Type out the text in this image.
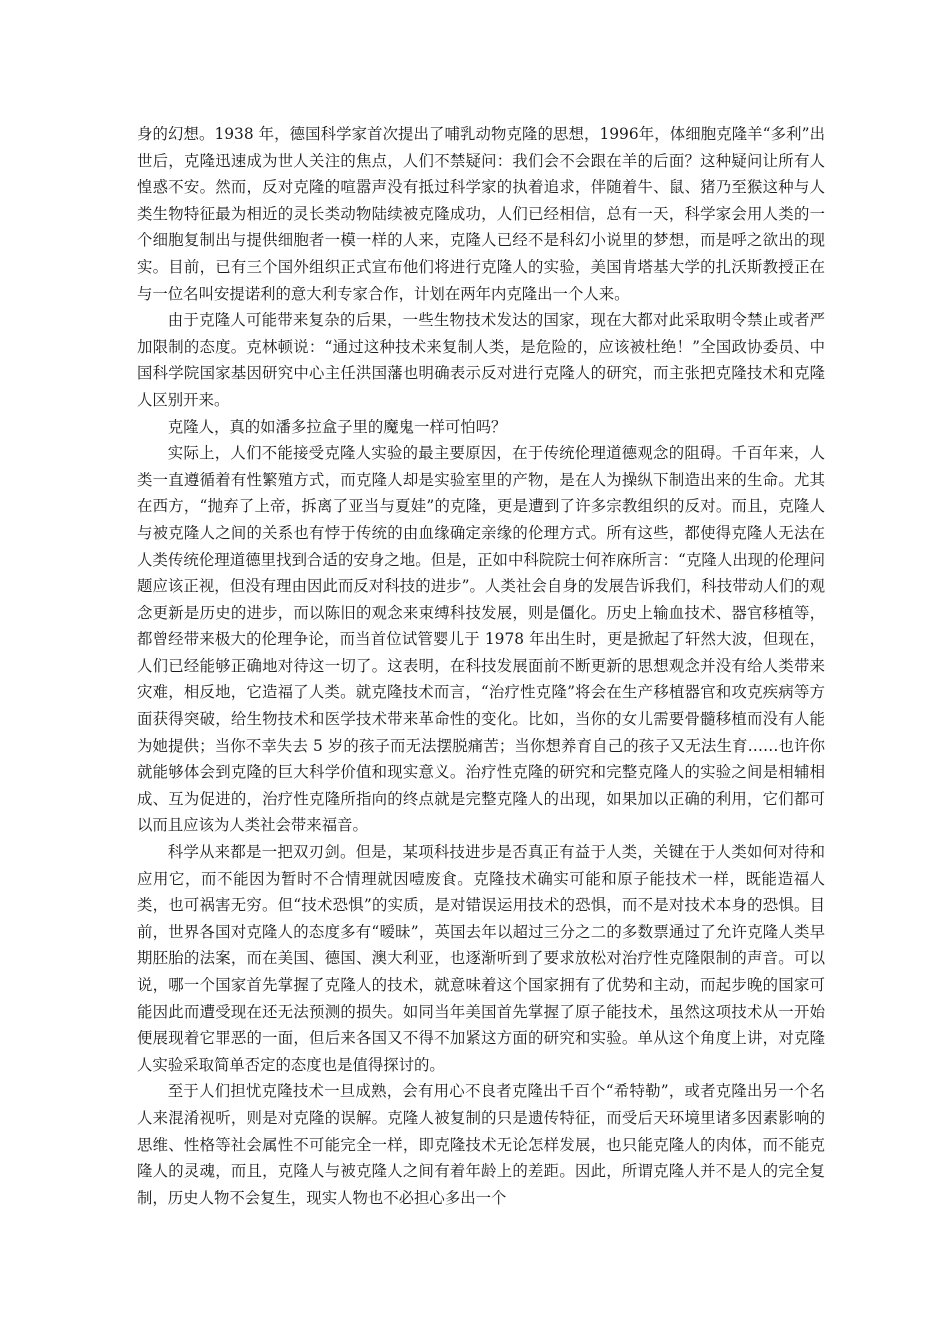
身的幻想。1938 年，德国科学家首次提出了哺乳动物克隆的思想，1996年，体细胞克隆羊“多利”出世后，克隆迅速成为世人关注的焦点，人们不禁疑问：我们会不会跟在羊的后面？这种疑问让所有人惶惑不安。然而，反对克隆的喧嚣声没有抵过科学家的执着追求，伴随着牛、鼠、猪乃至猴这种与人类生物特征最为相近的灵长类动物陆续被克隆成功，人们已经相信，总有一天，科学家会用人类的一个细胞复制出与提供细胞者一模一样的人来，克隆人已经不是科幻小说里的梦想，而是呼之欲出的现实。目前，已有三个国外组织正式宣布他们将进行克隆人的实验，美国肯塔基大学的扎沃斯教授正在与一位名叫安提诺利的意大利专家合作，计划在两年内克隆出一个人来。

由于克隆人可能带来复杂的后果，一些生物技术发达的国家，现在大都对此采取明令禁止或者严加限制的态度。克林顿说：“通过这种技术来复制人类，是危险的，应该被杜绝！”全国政协委员、中国科学院国家基因研究中心主任洪国藩也明确表示反对进行克隆人的研究，而主张把克隆技术和克隆人区别开来。

克隆人，真的如潘多拉盒子里的魔鬼一样可怕吗？

实际上，人们不能接受克隆人实验的最主要原因，在于传统伦理道德观念的阻碍。千百年来，人类一直遵循着有性繁殖方式，而克隆人却是实验室里的产物，是在人为操纵下制造出来的生命。尤其在西方，“抛弃了上帝，拆离了亚当与夏娃”的克隆，更是遭到了许多宗教组织的反对。而且，克隆人与被克隆人之间的关系也有悖于传统的由血缘确定亲缘的伦理方式。所有这些，都使得克隆人无法在人类传统伦理道德里找到合适的安身之地。但是，正如中科院院士何祚庥所言：“克隆人出现的伦理问题应该正视，但没有理由因此而反对科技的进步”。人类社会自身的发展告诉我们，科技带动人们的观念更新是历史的进步，而以陈旧的观念来束缚科技发展，则是僵化。历史上输血技术、器官移植等，都曾经带来极大的伦理争论，而当首位试管婴儿于 1978 年出生时，更是掀起了轩然大波，但现在，人们已经能够正确地对待这一切了。这表明，在科技发展面前不断更新的思想观念并没有给人类带来灾难，相反地，它造福了人类。就克隆技术而言，“治疗性克隆”将会在生产移植器官和攻克疾病等方面获得突破，给生物技术和医学技术带来革命性的变化。比如，当你的女儿需要骨髓移植而没有人能为她提供；当你不幸失去 5 岁的孩子而无法摆脱痛苦；当你想养育自己的孩子又无法生育……也许你就能够体会到克隆的巨大科学价值和现实意义。治疗性克隆的研究和完整克隆人的实验之间是相辅相成、互为促进的，治疗性克隆所指向的终点就是完整克隆人的出现，如果加以正确的利用，它们都可以而且应该为人类社会带来福音。

科学从来都是一把双刃剑。但是，某项科技进步是否真正有益于人类，关键在于人类如何对待和应用它，而不能因为暂时不合情理就因噎废食。克隆技术确实可能和原子能技术一样，既能造福人类，也可祸害无穷。但“技术恐惧”的实质，是对错误运用技术的恐惧，而不是对技术本身的恐惧。目前，世界各国对克隆人的态度多有“暧昧”，英国去年以超过三分之二的多数票通过了允许克隆人类早期胚胎的法案，而在美国、德国、澳大利亚，也逐渐听到了要求放松对治疗性克隆限制的声音。可以说，哪一个国家首先掌握了克隆人的技术，就意味着这个国家拥有了优势和主动，而起步晚的国家可能因此而遭受现在还无法预测的损失。如同当年美国首先掌握了原子能技术，虽然这项技术从一开始便展现着它罪恶的一面，但后来各国又不得不加紧这方面的研究和实验。单从这个角度上讲，对克隆人实验采取简单否定的态度也是值得探讨的。

至于人们担忧克隆技术一旦成熟，会有用心不良者克隆出千百个“希特勒”，或者克隆出另一个名人来混淆视听，则是对克隆的误解。克隆人被复制的只是遗传特征，而受后天环境里诸多因素影响的思维、性格等社会属性不可能完全一样，即克隆技术无论怎样发展，也只能克隆人的肉体，而不能克隆人的灵魂，而且，克隆人与被克隆人之间有着年龄上的差距。因此，所谓克隆人并不是人的完全复制，历史人物不会复生，现实人物也不必担心多出一个
